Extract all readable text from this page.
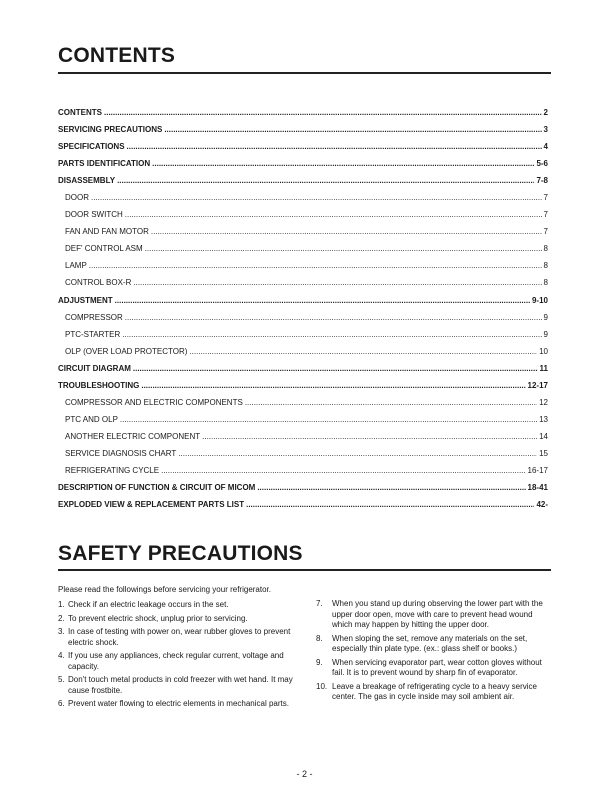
CONTENTS
CONTENTS .....	2
SERVICING PRECAUTIONS .....	3
SPECIFICATIONS .....	4
PARTS IDENTIFICATION .....	5-6
DISASSEMBLY .....	7-8
DOOR .....	7
DOOR SWITCH .....	7
FAN AND FAN MOTOR .....	7
DEF' CONTROL ASM .....	8
LAMP .....	8
CONTROL BOX-R .....	8
ADJUSTMENT .....	9-10
COMPRESSOR .....	9
PTC-STARTER .....	9
OLP (OVER LOAD PROTECTOR) .....	10
CIRCUIT DIAGRAM .....	11
TROUBLESHOOTING .....	12-17
COMPRESSOR AND ELECTRIC COMPONENTS .....	12
PTC AND OLP .....	13
ANOTHER ELECTRIC COMPONENT .....	14
SERVICE DIAGNOSIS CHART .....	15
REFRIGERATING CYCLE .....	16-17
DESCRIPTION OF FUNCTION & CIRCUIT OF MICOM .....	18-41
EXPLODED VIEW & REPLACEMENT PARTS LIST .....	42-
SAFETY PRECAUTIONS

Please read the followings before servicing your refrigerator.

1. Check if an electric leakage occurs in the set.
2. To prevent electric shock, unplug prior to servicing.
3. In case of testing with power on, wear rubber gloves to prevent electric shock.
4. If you use any appliances, check regular current, voltage and capacity.
5. Don't touch metal products in cold freezer with wet hand. It may cause frostbite.
6. Prevent water flowing to electric elements in mechanical parts.
7. When you stand up during observing the lower part with the upper door open, move with care to prevent head wound which may happen by hitting the upper door.
8. When sloping the set, remove any materials on the set, especially thin plate type. (ex.: glass shelf or books.)
9. When servicing evaporator part, wear cotton gloves without fail. It is to prevent wound by sharp fin of evaporator.
10. Leave a breakage of refrigerating cycle to a heavy service center. The gas in cycle inside may soil ambient air.

- 2 -
